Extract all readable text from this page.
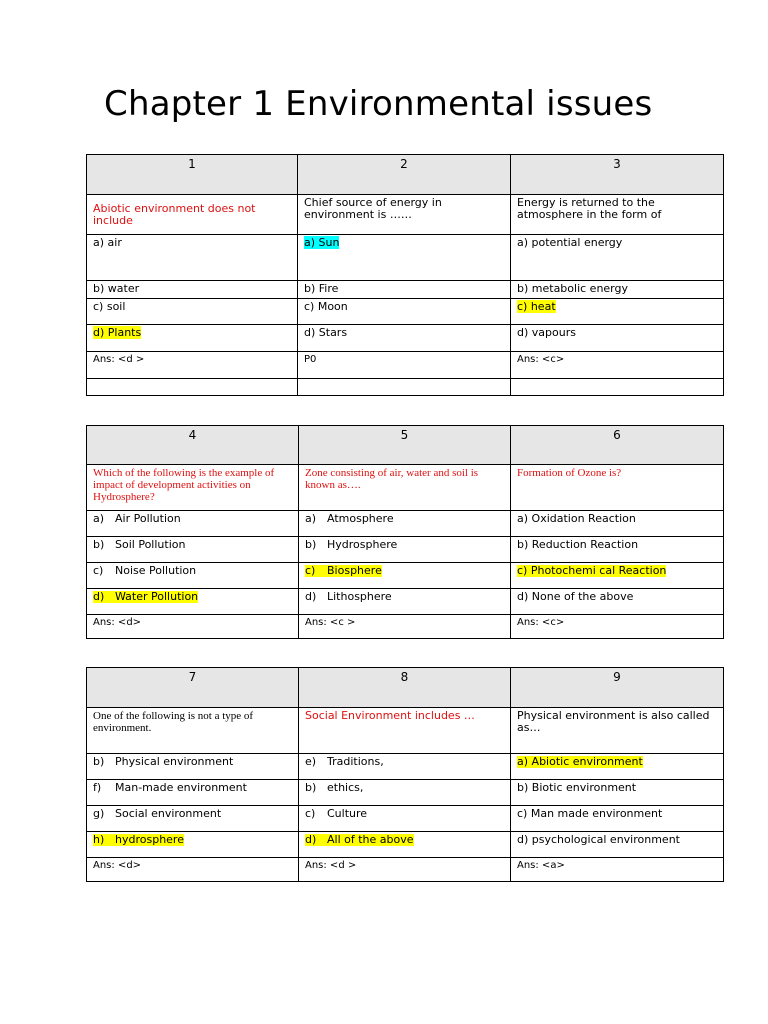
Chapter 1 Environmental issues
1	2	3
Abiotic environment does not include	Chief source of energy in environment is ……	Energy is returned to the atmosphere in the form of
a) air	a) Sun	a) potential energy
b) water	b) Fire	b) metabolic energy
c) soil	c) Moon	c) heat
d) Plants	d) Stars	d) vapours
Ans: <d >	P0	Ans: <c>

4	5	6
Which of the following is the example of impact of development activities on Hydrosphere?	Zone consisting of air, water and soil is known as….	Formation of Ozone is?
a) Air Pollution	a) Atmosphere	a) Oxidation Reaction
b) Soil Pollution	b) Hydrosphere	b) Reduction Reaction
c) Noise Pollution	c) Biosphere	c) Photochemi cal Reaction
d) Water Pollution	d) Lithosphere	d) None of the above
Ans: <d>	Ans: <c >	Ans: <c>
7	8	9
One of the following is not a type of environment.	Social Environment includes …	Physical environment is also called as…
b) Physical environment	e) Traditions,	a) Abiotic environment
f) Man-made environment	b) ethics,	b) Biotic environment
g) Social environment	c) Culture	c) Man made environment
h) hydrosphere	d) All of the above	d) psychological environment
Ans: <d>	Ans: <d >	Ans: <a>
